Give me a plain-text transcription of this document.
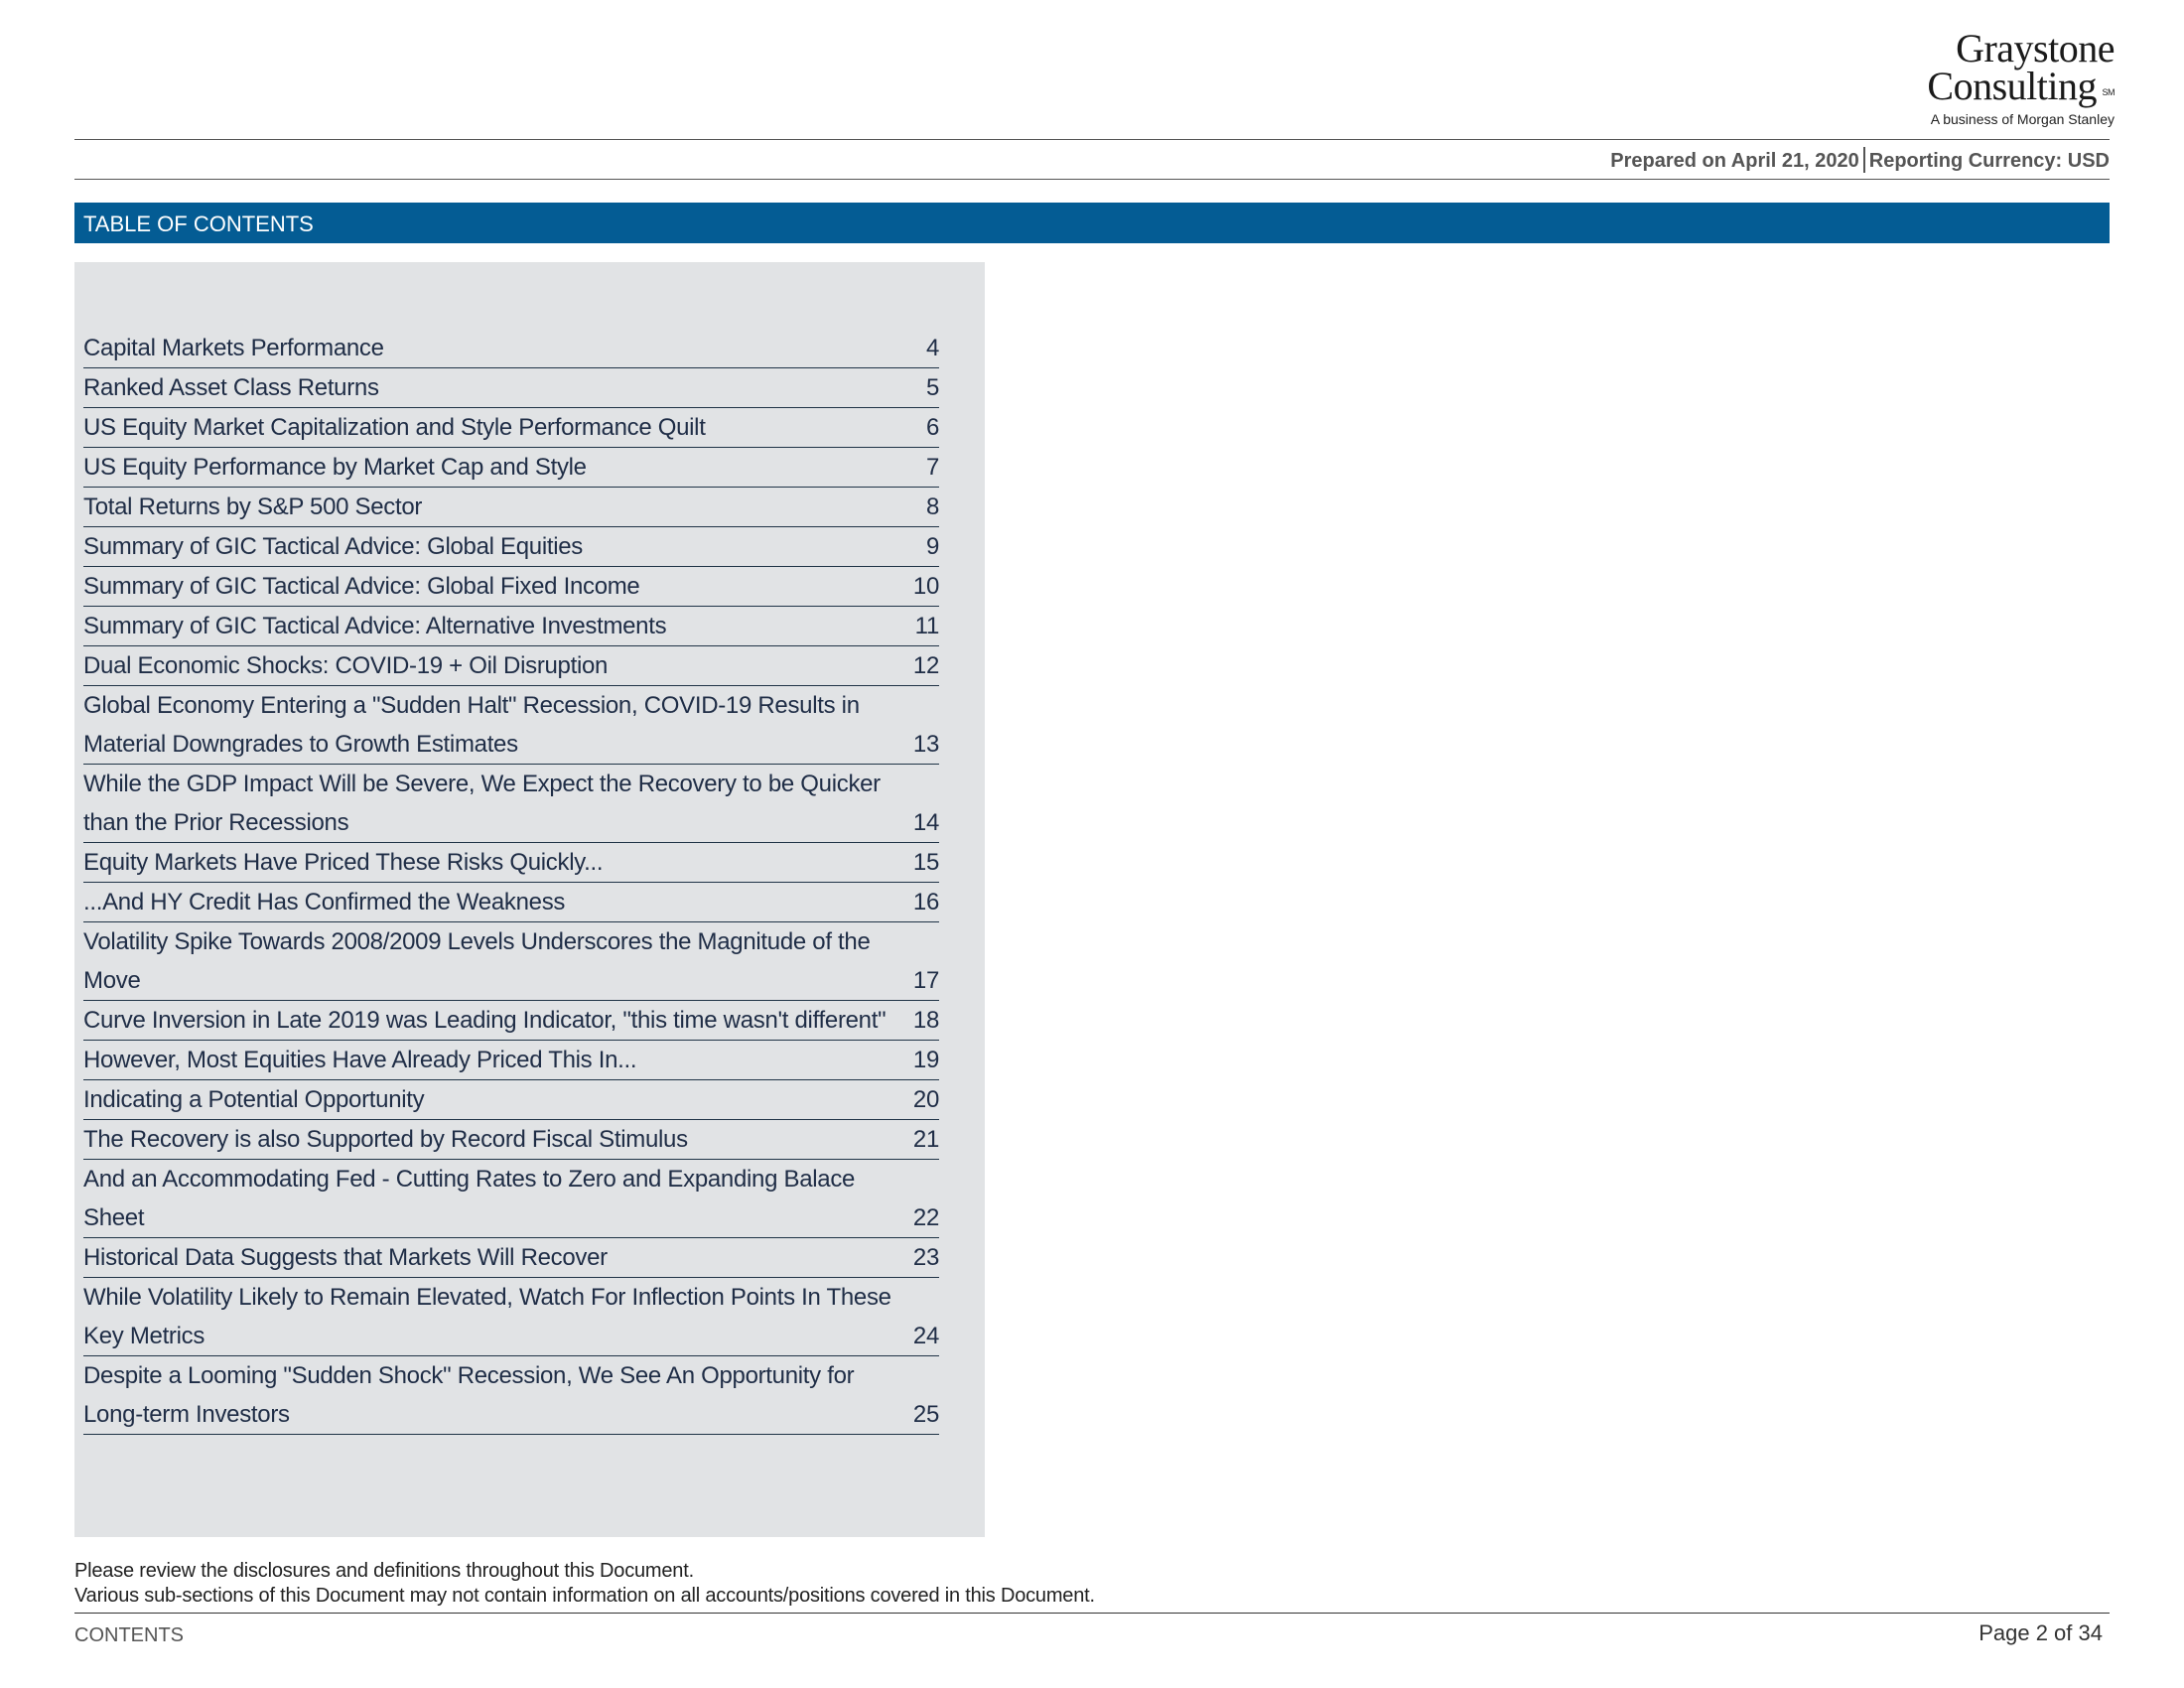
Graystone
Consulting SM
A business of Morgan Stanley
Prepared on April 21, 2020 Reporting Currency: USD
TABLE OF CONTENTS
Capital Markets Performance	4
Ranked Asset Class Returns	5
US Equity Market Capitalization and Style Performance Quilt	6
US Equity Performance by Market Cap and Style	7
Total Returns by S&P 500 Sector	8
Summary of GIC Tactical Advice: Global Equities	9
Summary of GIC Tactical Advice: Global Fixed Income	10
Summary of GIC Tactical Advice: Alternative Investments	11
Dual Economic Shocks: COVID-19 + Oil Disruption	12
Global Economy Entering a "Sudden Halt" Recession, COVID-19 Results in
Material Downgrades to Growth Estimates	13
While the GDP Impact Will be Severe, We Expect the Recovery to be Quicker
than the Prior Recessions	14
Equity Markets Have Priced These Risks Quickly...	15
...And HY Credit Has Confirmed the Weakness	16
Volatility Spike Towards 2008/2009 Levels Underscores the Magnitude of the
Move	17
Curve Inversion in Late 2019 was Leading Indicator, "this time wasn't different"	18
However, Most Equities Have Already Priced This In...	19
Indicating a Potential Opportunity	20
The Recovery is also Supported by Record Fiscal Stimulus	21
And an Accommodating Fed - Cutting Rates to Zero and Expanding Balace
Sheet	22
Historical Data Suggests that Markets Will Recover	23
While Volatility Likely to Remain Elevated, Watch For Inflection Points In These
Key Metrics	24
Despite a Looming "Sudden Shock" Recession, We See An Opportunity for
Long-term Investors	25
Please review the disclosures and definitions throughout this Document.
Various sub-sections of this Document may not contain information on all accounts/positions covered in this Document.
CONTENTS	Page 2 of 34
